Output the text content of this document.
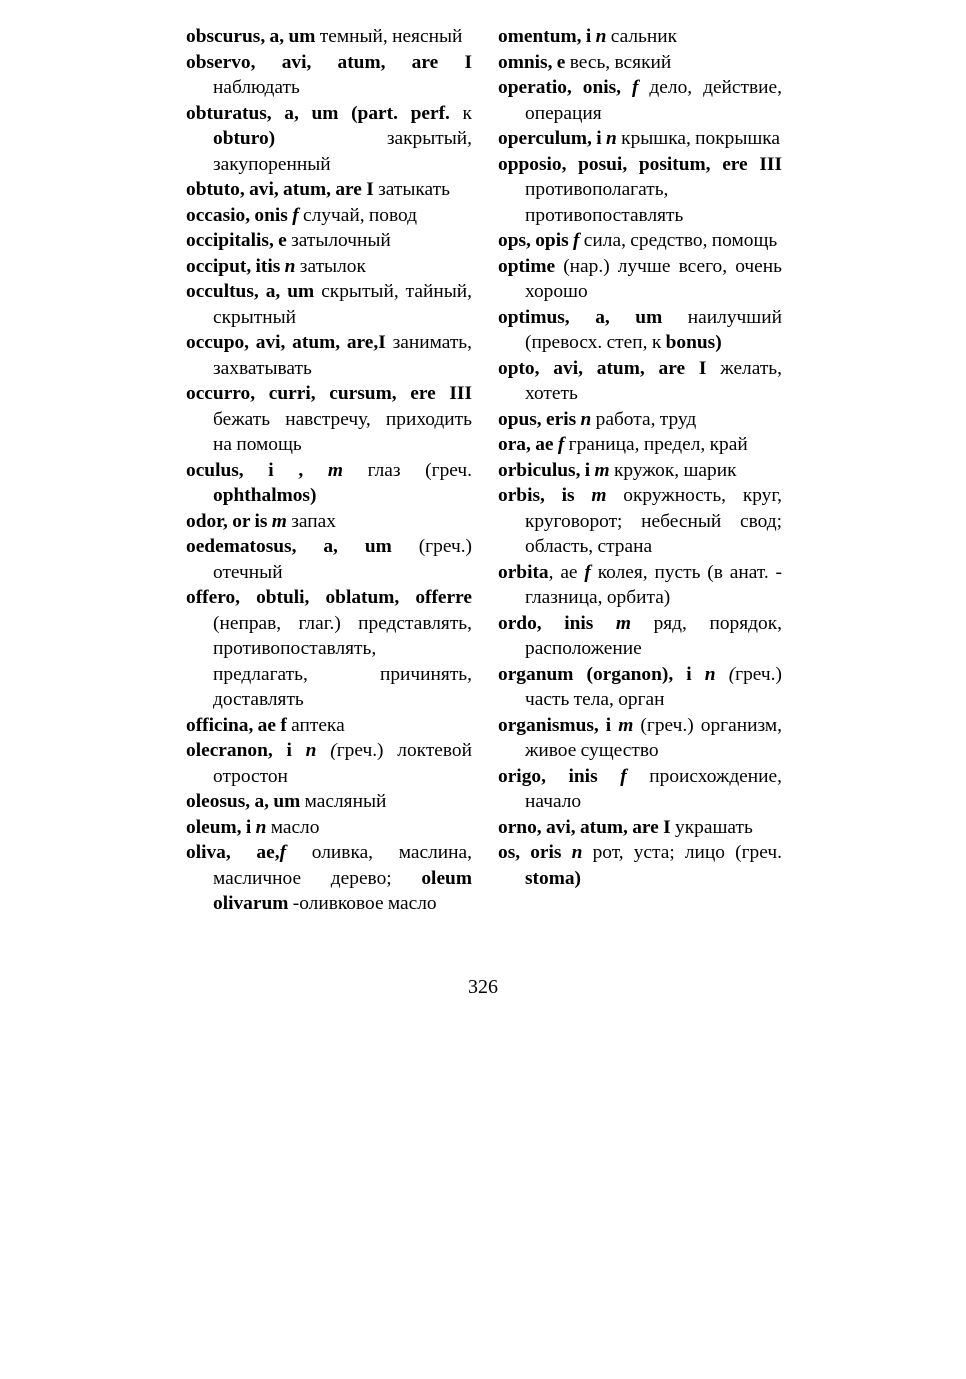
obscurus, a, um темный, неясный
observo, avi, atum, are I наблюдать
obturatus, a, um (part. perf. к obturo) закрытый, закупоренный
obtuto, avi, atum, are I затыкать
occasio, onis f случай, повод
occipitalis, e затылочный
occiput, itis n затылок
occultus, a, um скрытый, тайный, скрытный
occupo, avi, atum, are,I занимать, захватывать
occurro, curri, cursum, ere III бежать навстречу, приходить на помощь
oculus, i , m глаз (греч. ophthalmos)
odor, or is m запах
oedematosus, a, um (греч.) отечный
offero, obtuli, oblatum, offerre (неправ, глаг.) представлять, противопоставлять, предлагать, причинять, доставлять
officina, ae f аптека
olecranon, i n (греч.) локтевой отростон
oleosus, a, um масляный
oleum, i n масло
oliva, ae,f оливка, маслина, масличное дерево; oleum olivarum -оливковое масло
omentum, i n сальник
omnis, e весь, всякий
operatio, onis, f дело, действие, операция
operculum, i n крышка, покрышка
opposio, posui, positum, ere III противополагать, противопоставлять
ops, opis f сила, средство, помощь
optime (нар.) лучше всего, очень хорошо
optimus, a, um наилучший (превосх. степ, к bonus)
opto, avi, atum, are I желать, хотеть
opus, eris n работа, труд
ora, ae f граница, предел, край
orbiculus, i m кружок, шарик
orbis, is m окружность, круг, круговорот; небесный свод; область, страна
orbita, ae f колея, пусть (в анат. - глазница, орбита)
ordo, inis m ряд, порядок, расположение
organum (organon), i n (греч.) часть тела, орган
organismus, i m (греч.) организм, живое существо
origo, inis f происхождение, начало
orno, avi, atum, are I украшать
os, oris n рот, уста; лицо (греч. stoma)
326
